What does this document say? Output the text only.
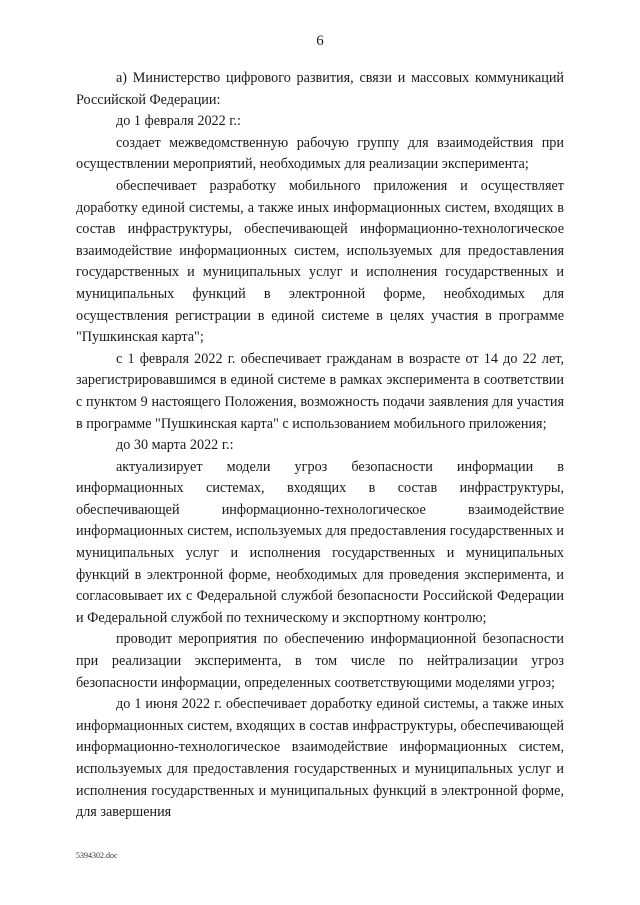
6

а) Министерство цифрового развития, связи и массовых коммуникаций Российской Федерации:

до 1 февраля 2022 г.:

создает межведомственную рабочую группу для взаимодействия при осуществлении мероприятий, необходимых для реализации эксперимента;

обеспечивает разработку мобильного приложения и осуществляет доработку единой системы, а также иных информационных систем, входящих в состав инфраструктуры, обеспечивающей информационно-технологическое взаимодействие информационных систем, используемых для предоставления государственных и муниципальных услуг и исполнения государственных и муниципальных функций в электронной форме, необходимых для осуществления регистрации в единой системе в целях участия в программе "Пушкинская карта";

с 1 февраля 2022 г. обеспечивает гражданам в возрасте от 14 до 22 лет, зарегистрировавшимся в единой системе в рамках эксперимента в соответствии с пунктом 9 настоящего Положения, возможность подачи заявления для участия в программе "Пушкинская карта" с использованием мобильного приложения;

до 30 марта 2022 г.:

актуализирует модели угроз безопасности информации в информационных системах, входящих в состав инфраструктуры, обеспечивающей информационно-технологическое взаимодействие информационных систем, используемых для предоставления государственных и муниципальных услуг и исполнения государственных и муниципальных функций в электронной форме, необходимых для проведения эксперимента, и согласовывает их с Федеральной службой безопасности Российской Федерации и Федеральной службой по техническому и экспортному контролю;

проводит мероприятия по обеспечению информационной безопасности при реализации эксперимента, в том числе по нейтрализации угроз безопасности информации, определенных соответствующими моделями угроз;

до 1 июня 2022 г. обеспечивает доработку единой системы, а также иных информационных систем, входящих в состав инфраструктуры, обеспечивающей информационно-технологическое взаимодействие информационных систем, используемых для предоставления государственных и муниципальных услуг и исполнения государственных и муниципальных функций в электронной форме, для завершения

5394302.doc
